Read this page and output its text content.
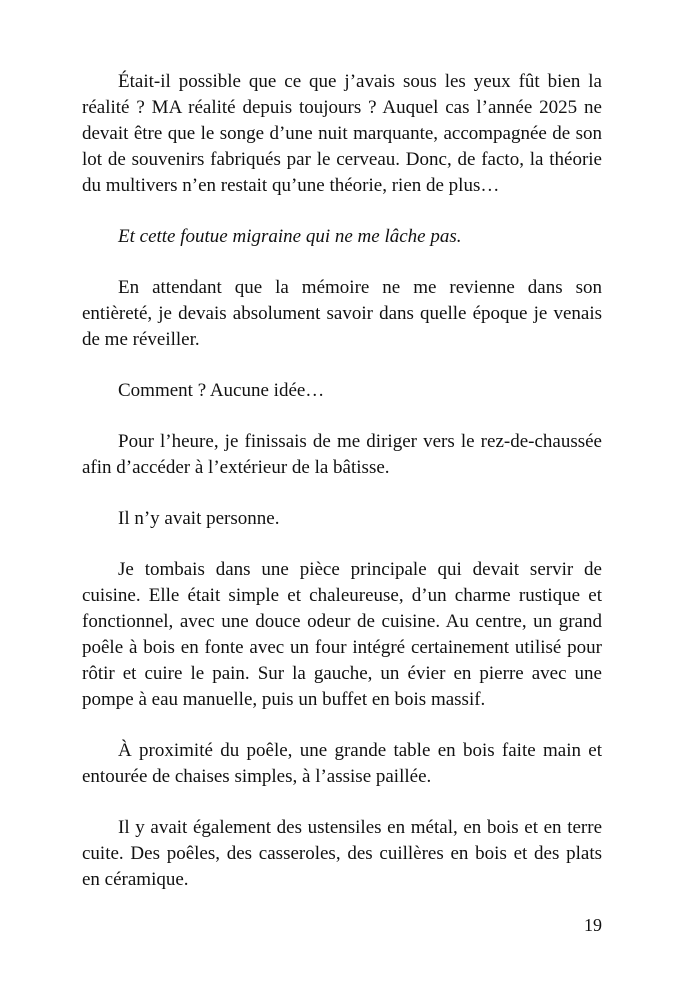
Était-il possible que ce que j’avais sous les yeux fût bien la réalité ? MA réalité depuis toujours ? Auquel cas l’année 2025 ne devait être que le songe d’une nuit marquante, accompagnée de son lot de souvenirs fabriqués par le cerveau. Donc, de facto, la théorie du multivers n’en restait qu’une théorie, rien de plus…

Et cette foutue migraine qui ne me lâche pas.

En attendant que la mémoire ne me revienne dans son entièreté, je devais absolument savoir dans quelle époque je venais de me réveiller.

Comment ? Aucune idée…

Pour l’heure, je finissais de me diriger vers le rez-de-chaussée afin d’accéder à l’extérieur de la bâtisse.

Il n’y avait personne.

Je tombais dans une pièce principale qui devait servir de cuisine. Elle était simple et chaleureuse, d’un charme rustique et fonctionnel, avec une douce odeur de cuisine. Au centre, un grand poêle à bois en fonte avec un four intégré certainement utilisé pour rôtir et cuire le pain. Sur la gauche, un évier en pierre avec une pompe à eau manuelle, puis un buffet en bois massif.

À proximité du poêle, une grande table en bois faite main et entourée de chaises simples, à l’assise paillée.

Il y avait également des ustensiles en métal, en bois et en terre cuite. Des poêles, des casseroles, des cuillères en bois et des plats en céramique.

19
